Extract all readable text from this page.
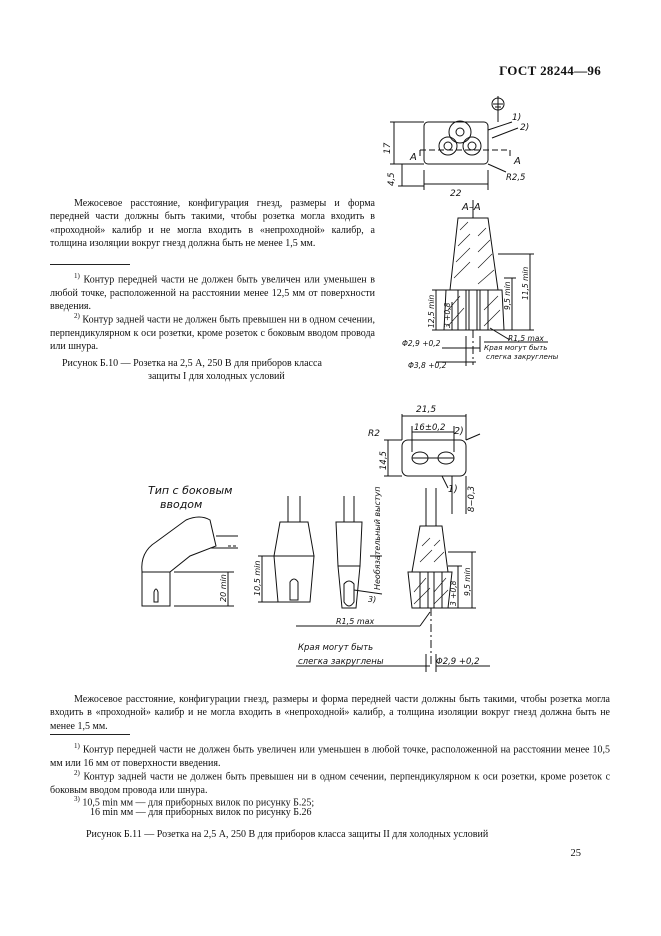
ГОСТ 28244—96
17
4,5
22
R2,5
A	A
1)
2)
А–А
12,5 min 3 +0,8
9,5 min 11,5 min
R1,5 max
Края могут быть
слегка закруглены
Φ2,9 +0,2
Φ3,8 +0,2
Межосевое расстояние, конфигурация гнезд, размеры и форма передней части должны быть такими, чтобы розетка могла входить в «проходной» калибр и не могла входить в «непроходной» калибр, а толщина изоляции вокруг гнезд должна быть не менее 1,5 мм.
$^{1)}$ Контур передней части не должен быть увеличен или уменьшен в любой точке, расположенной на расстоянии менее 12,5 мм от поверхности введения.
$^{2)}$ Контур задней части не должен быть превышен ни в одном сечении, перпендикулярном к оси розетки, кроме розеток с боковым вводом провода или шнура.
Рисунок Б.10 — Розетка на 2,5 А, 250 В для приборов класса
защиты I для холодных условий
21,5
16±0,2
R2	2)
14,5
1) 8−0,3
Тип с боковым
вводом
20 min	10,5 min	Необязательный выступ
3)	3 +0,8 9,5 min
R1,5 max
Края могут быть
слегка закруглены	Φ2,9 +0,2
Межосевое расстояние, конфигурации гнезд, размеры и форма передней части должны быть такими, чтобы розетка могла входить в «проходной» калибр и не могла входить в «непроходной» калибр, а толщина изоляции вокруг гнезд должна быть не менее 1,5 мм.
$^{1)}$ Контур передней части не должен быть увеличен или уменьшен в любой точке, расположенной на расстоянии менее 10,5 мм или 16 мм от поверхности введения.
$^{2)}$ Контур задней части не должен быть превышен ни в одном сечении, перпендикулярном к оси розетки, кроме розеток с боковым вводом провода или шнура.
$^{3)}$ 10,5 min мм — для приборных вилок по рисунку Б.25;
16 min мм — для приборных вилок по рисунку Б.26
Рисунок Б.11 — Розетка на 2,5 А, 250 В для приборов класса защиты II для холодных условий
25
